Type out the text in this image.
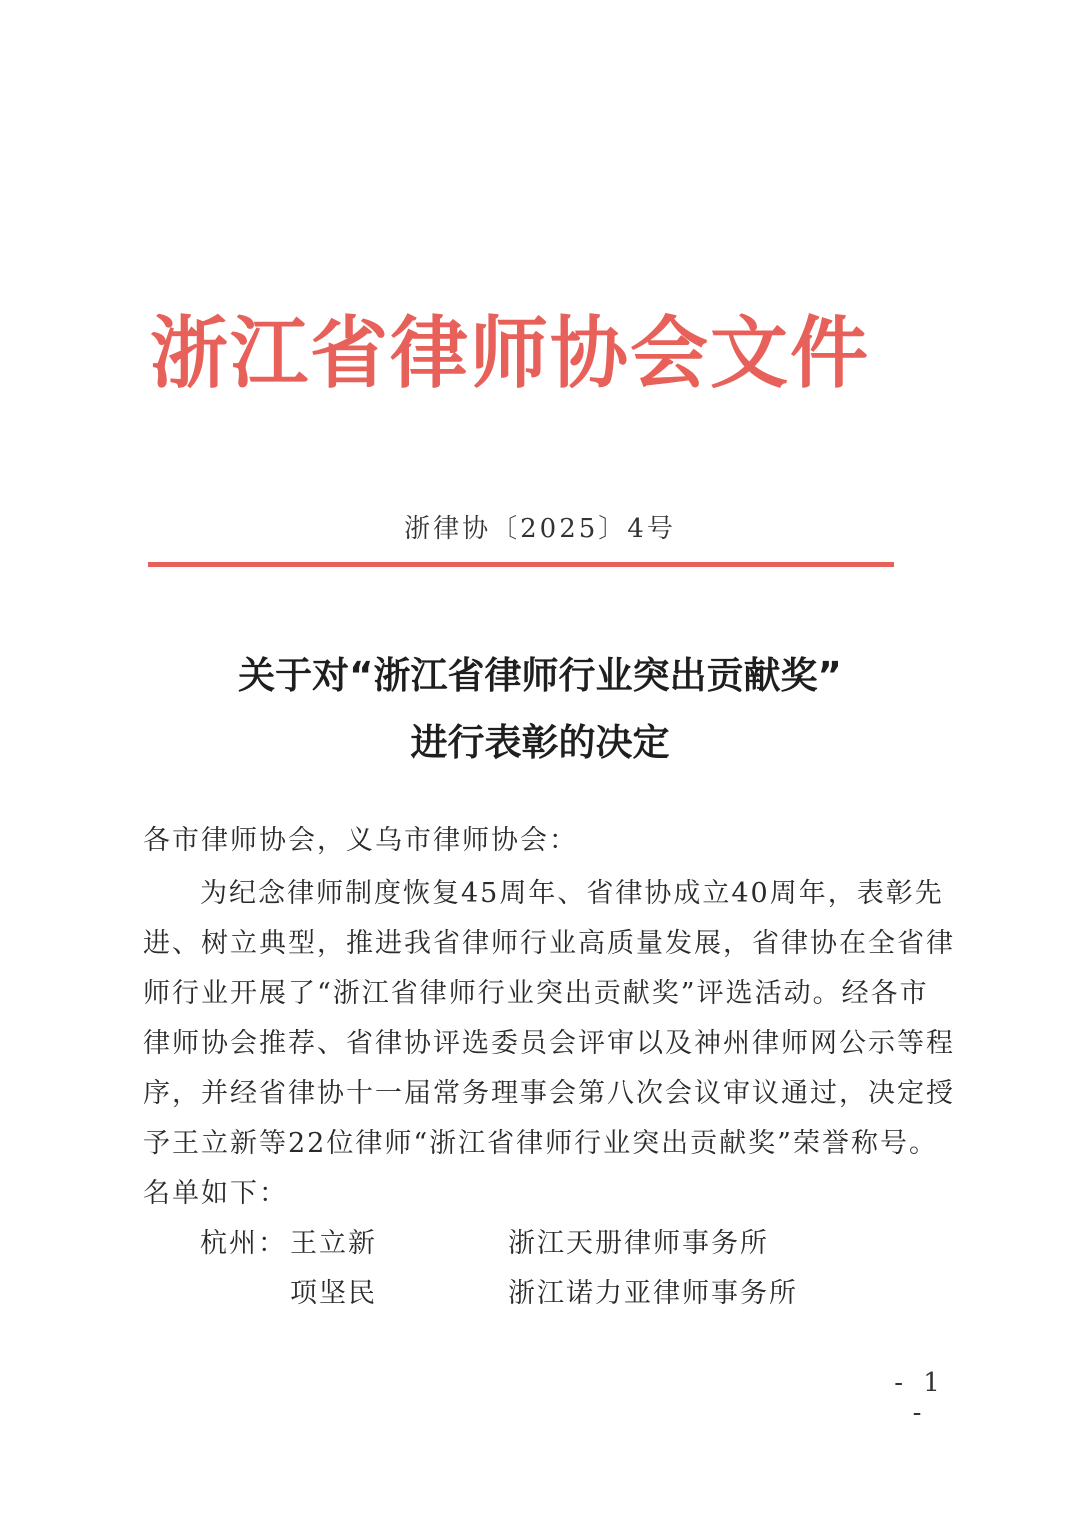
浙江省律师协会文件
浙律协〔2025〕4号
关于对“浙江省律师行业突出贡献奖”
进行表彰的决定
各市律师协会，义乌市律师协会：
为纪念律师制度恢复45周年、省律协成立40周年，表彰先
进、树立典型，推进我省律师行业高质量发展，省律协在全省律
师行业开展了“浙江省律师行业突出贡献奖”评选活动。经各市
律师协会推荐、省律协评选委员会评审以及神州律师网公示等程
序，并经省律协十一届常务理事会第八次会议审议通过，决定授
予王立新等22位律师“浙江省律师行业突出贡献奖”荣誉称号。
名单如下：
杭州： 王立新	浙江天册律师事务所
项坚民	浙江诺力亚律师事务所
- 1 -
